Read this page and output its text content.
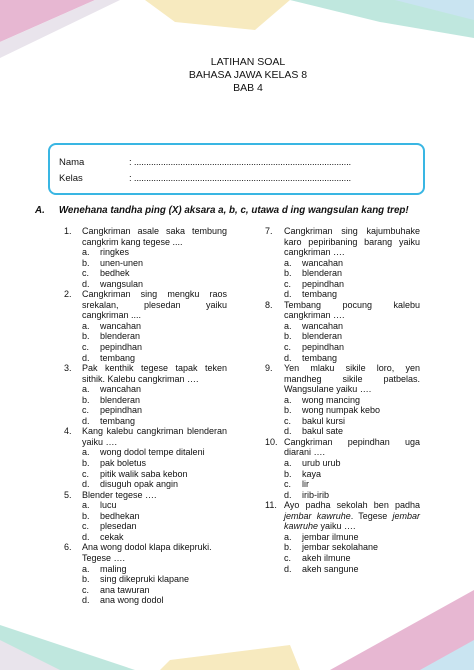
LATIHAN SOAL
BAHASA JAWA KELAS 8
BAB 4
Nama	: .........................................................................................
Kelas	: .........................................................................................
A. Wenehana tandha ping (X) aksara a, b, c, utawa d ing wangsulan kang trep!
1. Cangkriman asale saka tembung cangkrim kang tegese ....
a. ringkes
b. unen-unen
c. bedhek
d. wangsulan
2. Cangkriman sing mengku raos srekalan, plesedan yaiku cangkriman ....
a. wancahan
b. blenderan
c. pepindhan
d. tembang
3. Pak kenthik tegese tapak teken sithik. Kalebu cangkriman ….
a. wancahan
b. blenderan
c. pepindhan
d. tembang
4. Kang kalebu cangkriman blenderan yaiku ….
a. wong dodol tempe ditaleni
b. pak boletus
c. pitik walik saba kebon
d. disuguh opak angin
5. Blender tegese ….
a. lucu
b. bedhekan
c. plesedan
d. cekak
6. Ana wong dodol klapa dikepruki.
Tegese ….
a. maling
b. sing dikepruki klapane
c. ana tawuran
d. ana wong dodol
7. Cangkriman sing kajumbuhake karo pepiribaning barang yaiku cangkriman ….
a. wancahan
b. blenderan
c. pepindhan
d. tembang
8. Tembang pocung kalebu cangkriman ….
a. wancahan
b. blenderan
c. pepindhan
d. tembang
9. Yen mlaku sikile loro, yen mandheg sikile patbelas. Wangsulane yaiku ….
a. wong mancing
b. wong numpak kebo
c. bakul kursi
d. bakul sate
10. Cangkriman pepindhan uga diarani ….
a. urub urub
b. kaya
c. lir
d. irib-irib
11. Ayo padha sekolah ben padha jembar kawruhe. Tegese jembar kawruhe yaiku ….
a. jembar ilmune
b. jembar sekolahane
c. akeh ilmune
d. akeh sangune
